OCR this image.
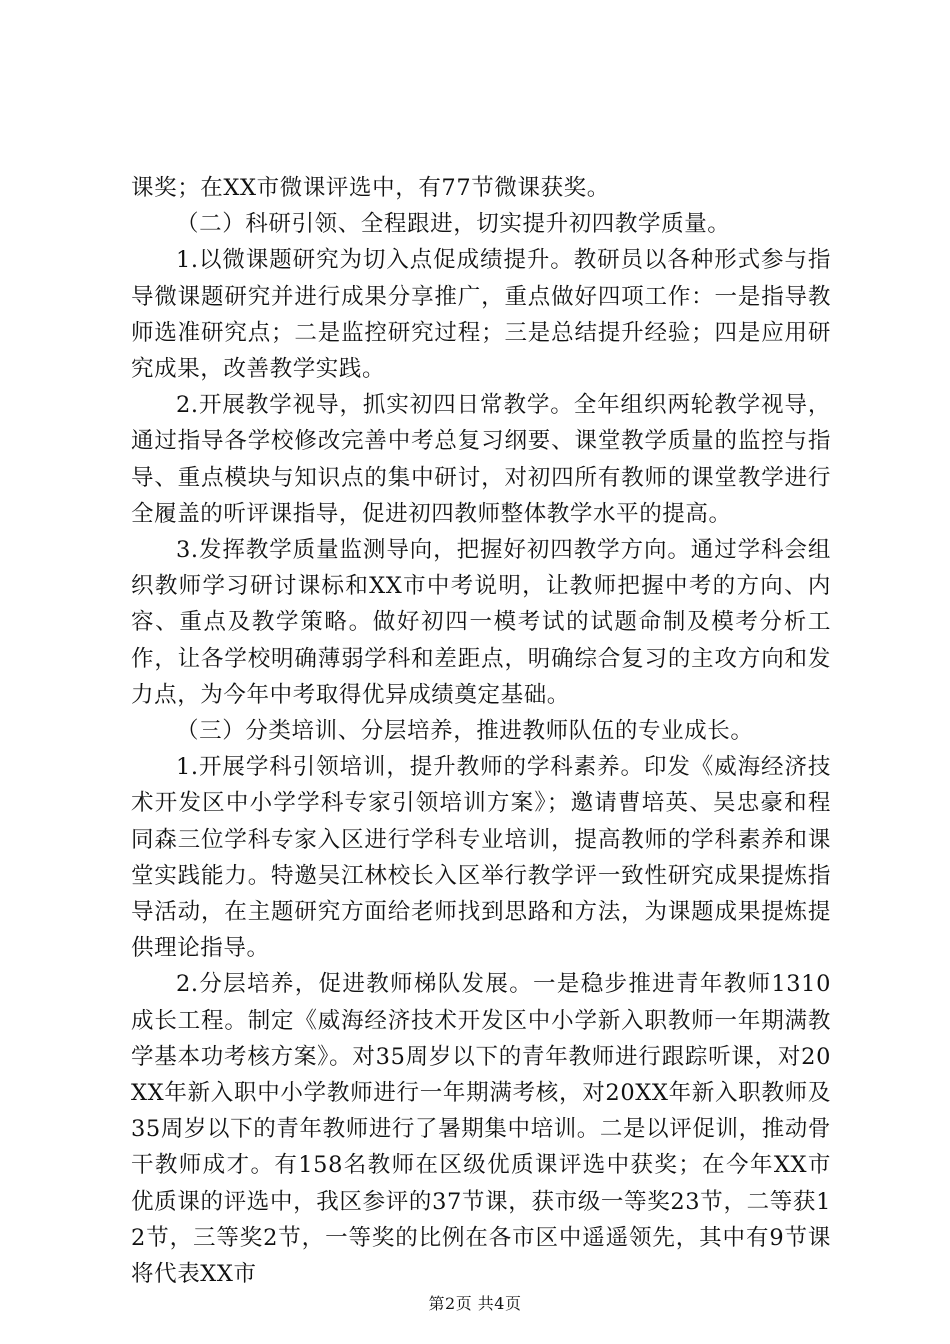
课奖；在XX市微课评选中，有77节微课获奖。

（二）科研引领、全程跟进，切实提升初四教学质量。

1.以微课题研究为切入点促成绩提升。教研员以各种形式参与指导微课题研究并进行成果分享推广，重点做好四项工作：一是指导教师选准研究点；二是监控研究过程；三是总结提升经验；四是应用研究成果，改善教学实践。

2.开展教学视导，抓实初四日常教学。全年组织两轮教学视导，通过指导各学校修改完善中考总复习纲要、课堂教学质量的监控与指导、重点模块与知识点的集中研讨，对初四所有教师的课堂教学进行全履盖的听评课指导，促进初四教师整体教学水平的提高。

3.发挥教学质量监测导向，把握好初四教学方向。通过学科会组织教师学习研讨课标和XX市中考说明，让教师把握中考的方向、内容、重点及教学策略。做好初四一模考试的试题命制及模考分析工作，让各学校明确薄弱学科和差距点，明确综合复习的主攻方向和发力点，为今年中考取得优异成绩奠定基础。

（三）分类培训、分层培养，推进教师队伍的专业成长。

1.开展学科引领培训，提升教师的学科素养。印发《威海经济技术开发区中小学学科专家引领培训方案》；邀请曹培英、吴忠豪和程同森三位学科专家入区进行学科专业培训，提高教师的学科素养和课堂实践能力。特邀吴江林校长入区举行教学评一致性研究成果提炼指导活动，在主题研究方面给老师找到思路和方法，为课题成果提炼提供理论指导。

2.分层培养，促进教师梯队发展。一是稳步推进青年教师1310成长工程。制定《威海经济技术开发区中小学新入职教师一年期满教学基本功考核方案》。对35周岁以下的青年教师进行跟踪听课，对20XX年新入职中小学教师进行一年期满考核，对20XX年新入职教师及35周岁以下的青年教师进行了暑期集中培训。二是以评促训，推动骨干教师成才。有158名教师在区级优质课评选中获奖；在今年XX市优质课的评选中，我区参评的37节课，获市级一等奖23节，二等获12节，三等奖2节，一等奖的比例在各市区中遥遥领先，其中有9节课将代表XX市

第2页 共4页
